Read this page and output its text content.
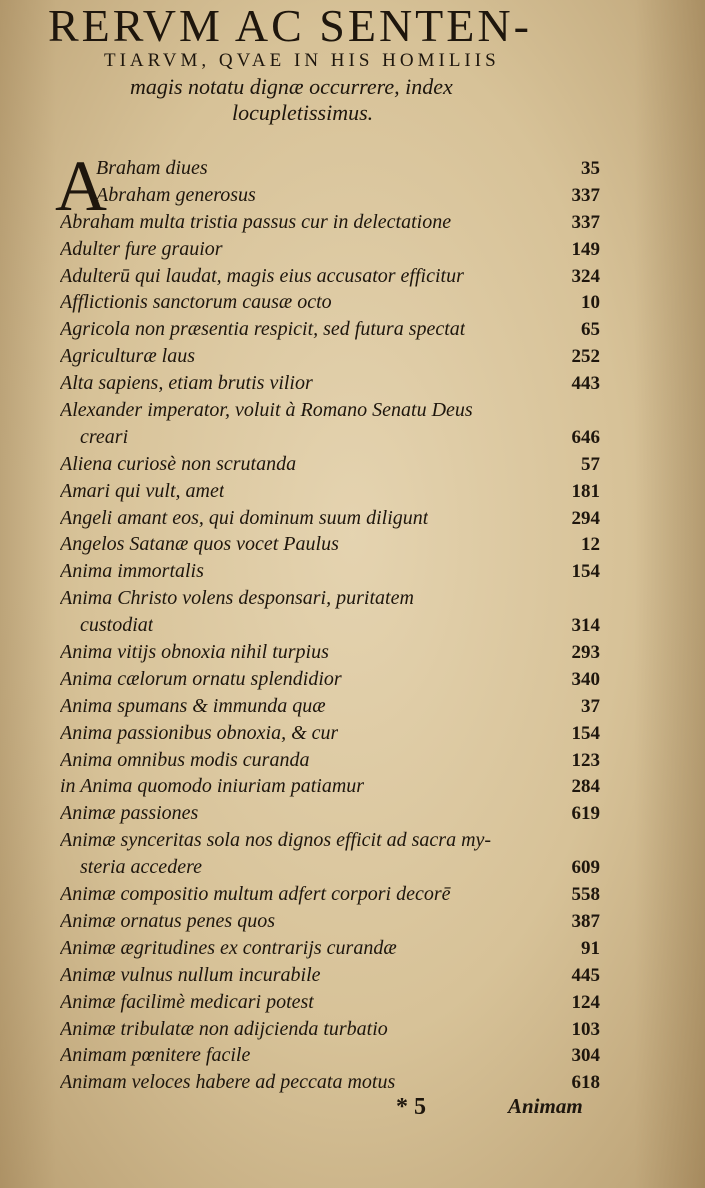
RERVM AC SENTEN-
TIARVM, QVAE IN HIS HOMILIIS
magis notatu dignæ occurrere, index
locupletissimus.
A
Braham diues	35
Abraham generosus	337
Abraham multa tristia passus cur in delectatione	337
Adulter fure grauior	149
Adulterū qui laudat, magis eius accusator efficitur	324
Afflictionis sanctorum causæ octo	10
Agricola non præsentia respicit, sed futura spectat	65
Agriculturæ laus	252
Alta sapiens, etiam brutis vilior	443
Alexander imperator, voluit à Romano Senatu Deus
creari	646
Aliena curiosè non scrutanda	57
Amari qui vult, amet	181
Angeli amant eos, qui dominum suum diligunt	294
Angelos Satanæ quos vocet Paulus	12
Anima immortalis	154
Anima Christo volens desponsari, puritatem
custodiat	314
Anima vitijs obnoxia nihil turpius	293
Anima cælorum ornatu splendidior	340
Anima spumans & immunda quæ	37
Anima passionibus obnoxia, & cur	154
Anima omnibus modis curanda	123
in Anima quomodo iniuriam patiamur	284
Animæ passiones	619
Animæ synceritas sola nos dignos efficit ad sacra my-
steria accedere	609
Animæ compositio multum adfert corpori decorē	558
Animæ ornatus penes quos	387
Animæ ægritudines ex contrarijs curandæ	91
Animæ vulnus nullum incurabile	445
Animæ facilimè medicari potest	124
Animæ tribulatæ non adijcienda turbatio	103
Animam pœnitere facile	304
Animam veloces habere ad peccata motus	618
* 5	Animam
